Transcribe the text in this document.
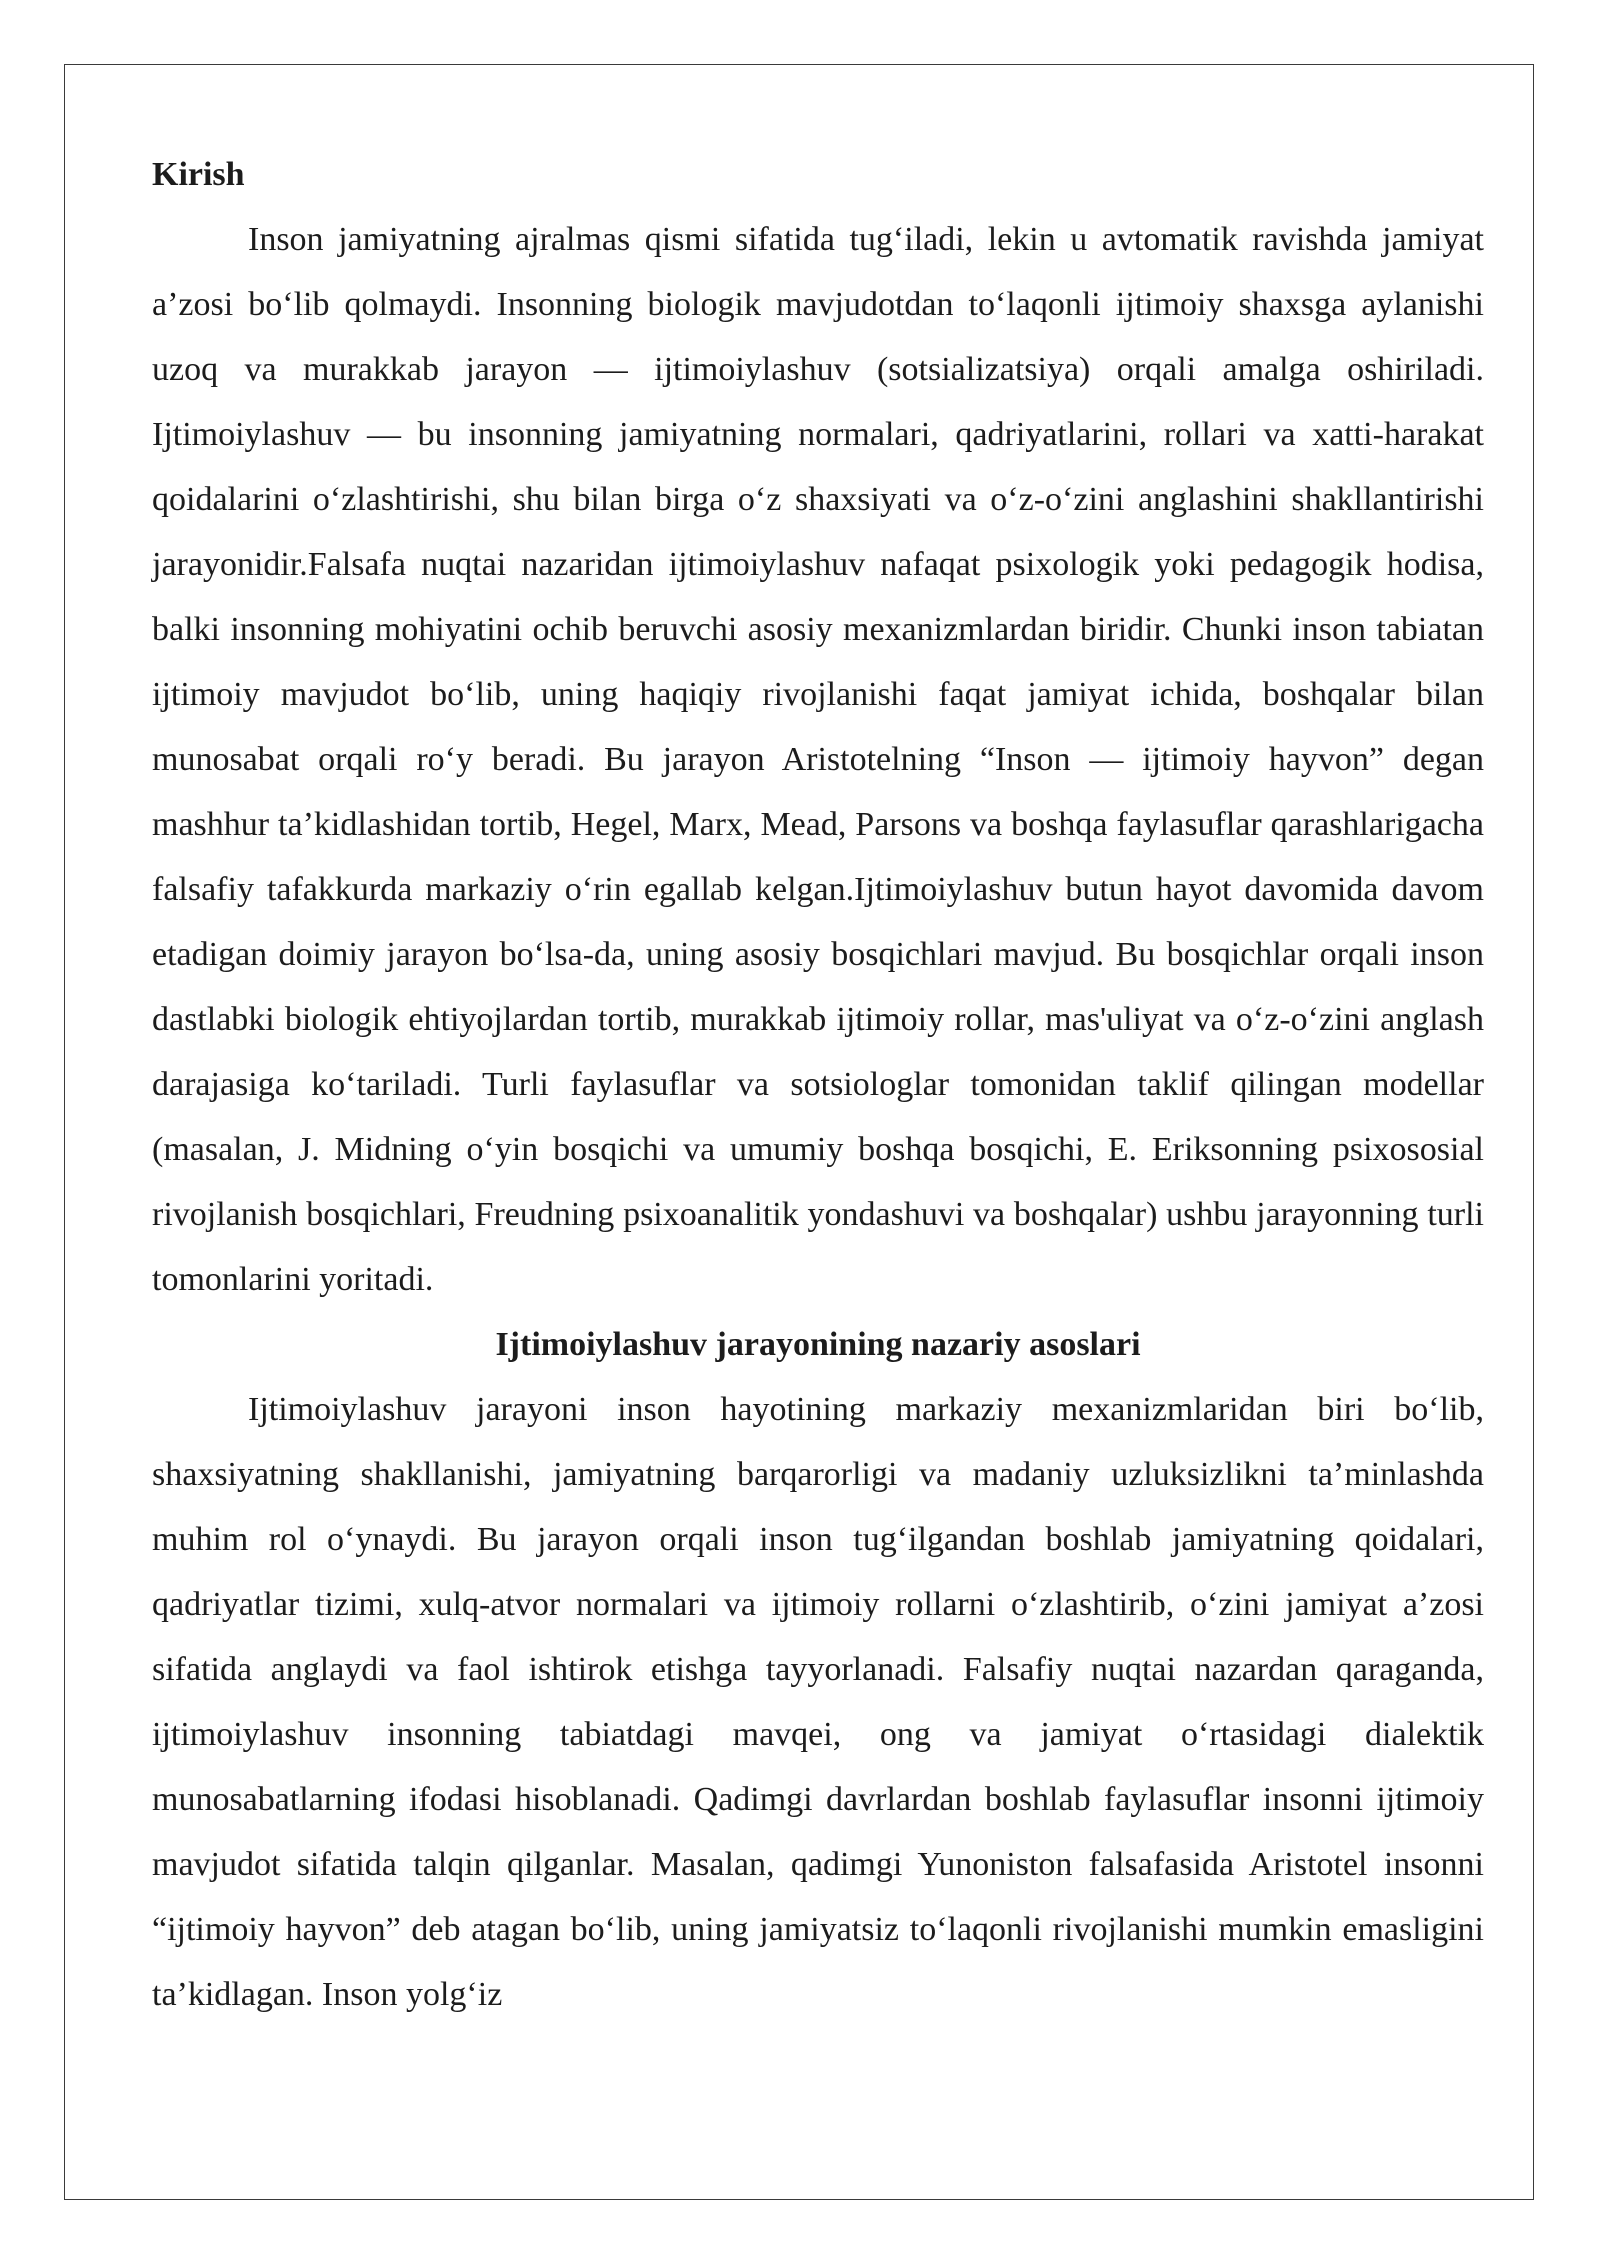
Kirish

Inson jamiyatning ajralmas qismi sifatida tug‘iladi, lekin u avtomatik ravishda jamiyat a’zosi bo‘lib qolmaydi. Insonning biologik mavjudotdan to‘laqonli ijtimoiy shaxsga aylanishi uzoq va murakkab jarayon — ijtimoiylashuv (sotsializatsiya) orqali amalga oshiriladi. Ijtimoiylashuv — bu insonning jamiyatning normalari, qadriyatlarini, rollari va xatti-harakat qoidalarini o‘zlashtirishi, shu bilan birga o‘z shaxsiyati va o‘z-o‘zini anglashini shakllantirishi jarayonidir.Falsafa nuqtai nazaridan ijtimoiylashuv nafaqat psixologik yoki pedagogik hodisa, balki insonning mohiyatini ochib beruvchi asosiy mexanizmlardan biridir. Chunki inson tabiatan ijtimoiy mavjudot bo‘lib, uning haqiqiy rivojlanishi faqat jamiyat ichida, boshqalar bilan munosabat orqali ro‘y beradi. Bu jarayon Aristotelning “Inson — ijtimoiy hayvon” degan mashhur ta’kidlashidan tortib, Hegel, Marx, Mead, Parsons va boshqa faylasuflar qarashlarigacha falsafiy tafakkurda markaziy o‘rin egallab kelgan.Ijtimoiylashuv butun hayot davomida davom etadigan doimiy jarayon bo‘lsa-da, uning asosiy bosqichlari mavjud. Bu bosqichlar orqali inson dastlabki biologik ehtiyojlardan tortib, murakkab ijtimoiy rollar, mas'uliyat va o‘z-o‘zini anglash darajasiga ko‘tariladi. Turli faylasuflar va sotsiologlar tomonidan taklif qilingan modellar (masalan, J. Midning o‘yin bosqichi va umumiy boshqa bosqichi, E. Eriksonning psixososial rivojlanish bosqichlari, Freudning psixoanalitik yondashuvi va boshqalar) ushbu jarayonning turli tomonlarini yoritadi.

Ijtimoiylashuv jarayonining nazariy asoslari

Ijtimoiylashuv jarayoni inson hayotining markaziy mexanizmlaridan biri bo‘lib, shaxsiyatning shakllanishi, jamiyatning barqarorligi va madaniy uzluksizlikni ta’minlashda muhim rol o‘ynaydi. Bu jarayon orqali inson tug‘ilgandan boshlab jamiyatning qoidalari, qadriyatlar tizimi, xulq-atvor normalari va ijtimoiy rollarni o‘zlashtirib, o‘zini jamiyat a’zosi sifatida anglaydi va faol ishtirok etishga tayyorlanadi. Falsafiy nuqtai nazardan qaraganda, ijtimoiylashuv insonning tabiatdagi mavqei, ong va jamiyat o‘rtasidagi dialektik munosabatlarning ifodasi hisoblanadi. Qadimgi davrlardan boshlab faylasuflar insonni ijtimoiy mavjudot sifatida talqin qilganlar. Masalan, qadimgi Yunoniston falsafasida Aristotel insonni “ijtimoiy hayvon” deb atagan bo‘lib, uning jamiyatsiz to‘laqonli rivojlanishi mumkin emasligini ta’kidlagan. Inson yolg‘iz
